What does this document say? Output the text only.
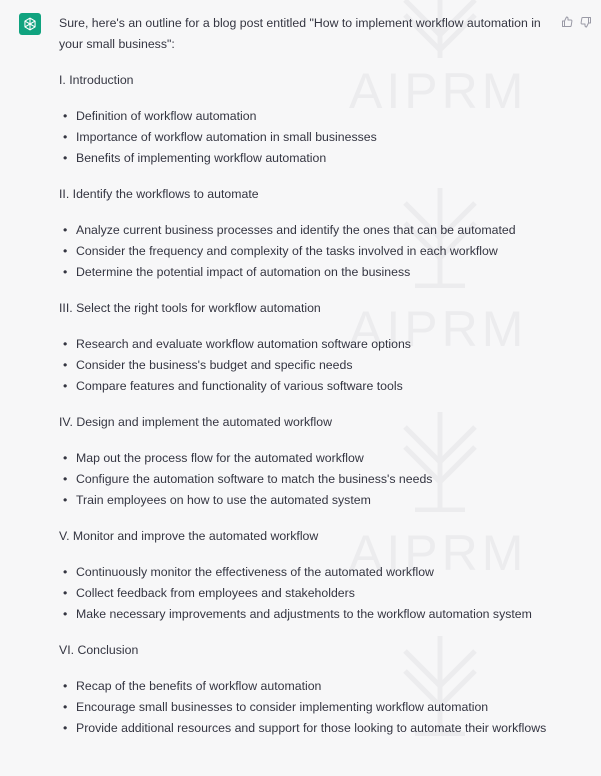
AIPRM
AIPRM
AIPRM

Sure, here's an outline for a blog post entitled "How to implement workflow automation in your small business":

I. Introduction

• Definition of workflow automation
• Importance of workflow automation in small businesses
• Benefits of implementing workflow automation

II. Identify the workflows to automate

• Analyze current business processes and identify the ones that can be automated
• Consider the frequency and complexity of the tasks involved in each workflow
• Determine the potential impact of automation on the business

III. Select the right tools for workflow automation

• Research and evaluate workflow automation software options
• Consider the business's budget and specific needs
• Compare features and functionality of various software tools

IV. Design and implement the automated workflow

• Map out the process flow for the automated workflow
• Configure the automation software to match the business's needs
• Train employees on how to use the automated system

V. Monitor and improve the automated workflow

• Continuously monitor the effectiveness of the automated workflow
• Collect feedback from employees and stakeholders
• Make necessary improvements and adjustments to the workflow automation system

VI. Conclusion

• Recap of the benefits of workflow automation
• Encourage small businesses to consider implementing workflow automation
• Provide additional resources and support for those looking to automate their workflows
